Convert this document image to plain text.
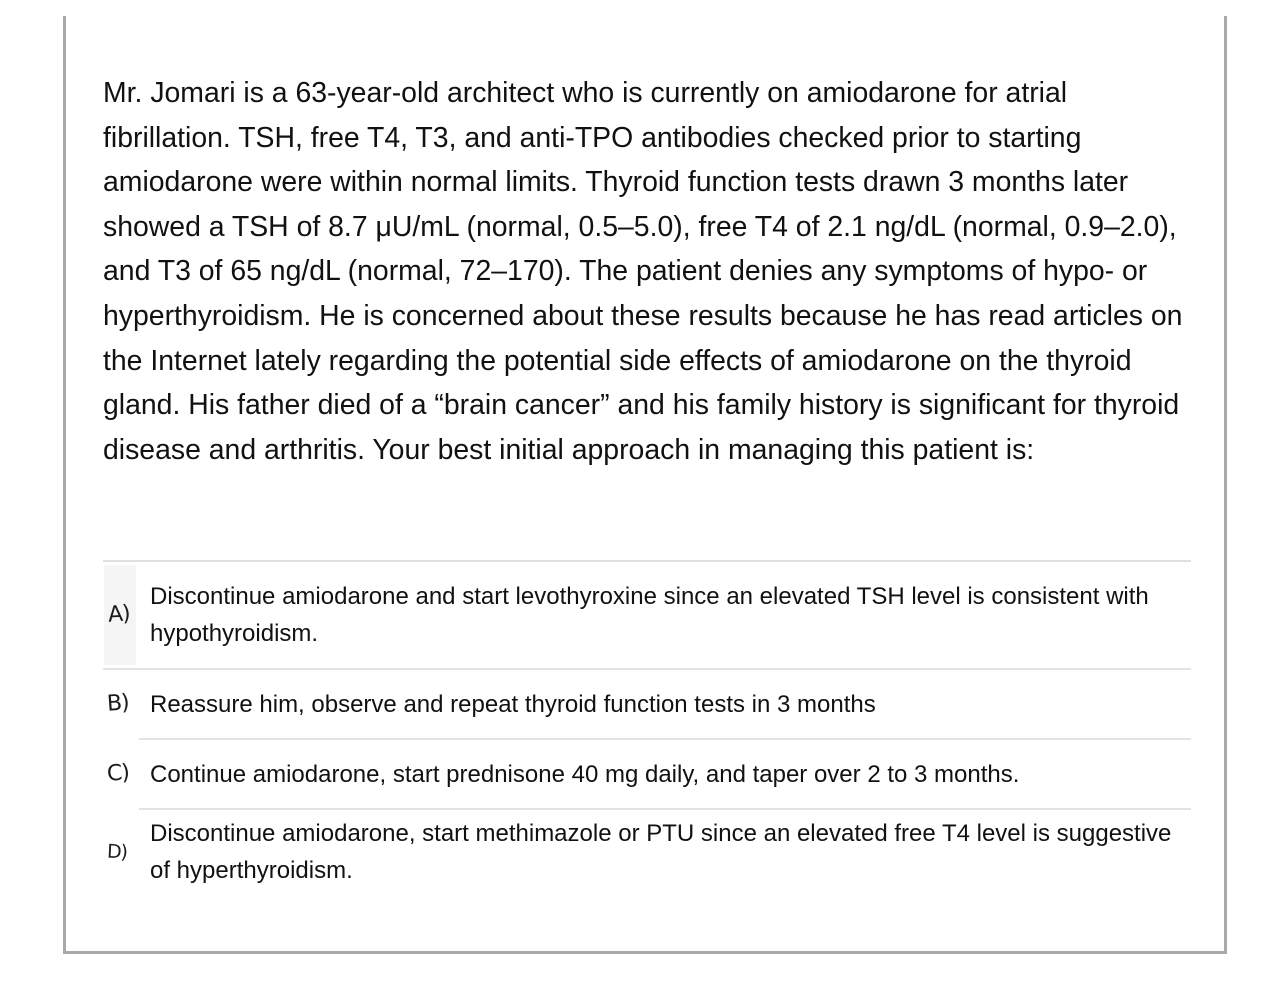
Mr. Jomari is a 63-year-old architect who is currently on amiodarone for atrial fibrillation. TSH, free T4, T3, and anti-TPO antibodies checked prior to starting amiodarone were within normal limits. Thyroid function tests drawn 3 months later showed a TSH of 8.7 μU/mL (normal, 0.5–5.0), free T4 of 2.1 ng/dL (normal, 0.9–2.0), and T3 of 65 ng/dL (normal, 72–170). The patient denies any symptoms of hypo- or hyperthyroidism. He is concerned about these results because he has read articles on the Internet lately regarding the potential side effects of amiodarone on the thyroid gland. His father died of a “brain cancer” and his family history is significant for thyroid disease and arthritis. Your best initial approach in managing this patient is:

A)
Discontinue amiodarone and start levothyroxine since an elevated TSH level is consistent with hypothyroidism.
B) Reassure him, observe and repeat thyroid function tests in 3 months
C) Continue amiodarone, start prednisone 40 mg daily, and taper over 2 to 3 months.
D)
Discontinue amiodarone, start methimazole or PTU since an elevated free T4 level is suggestive of hyperthyroidism.
